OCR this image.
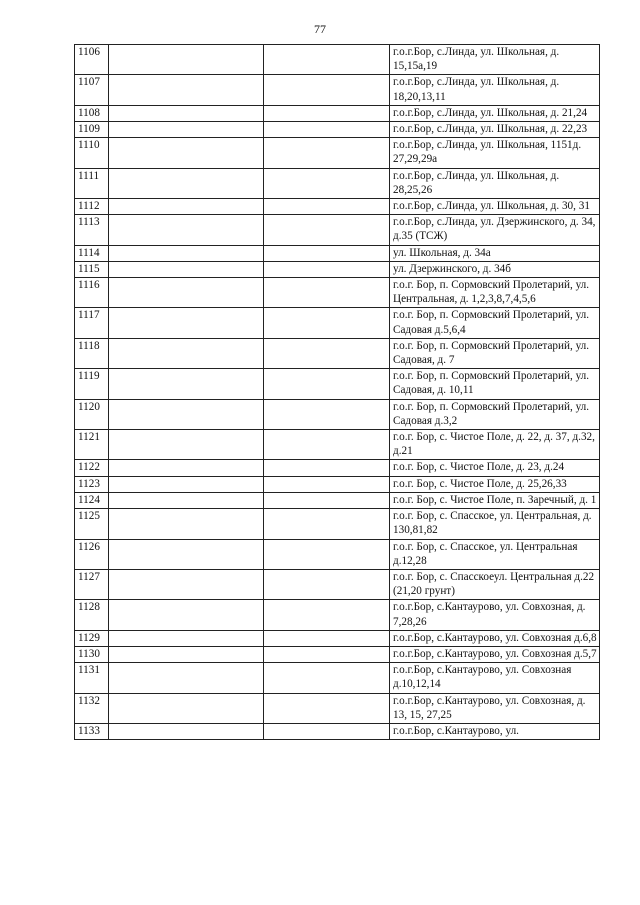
77
1106			г.о.г.Бор, с.Линда, ул. Школьная, д. 15,15а,19
1107			г.о.г.Бор, с.Линда, ул. Школьная, д. 18,20,13,11
1108			г.о.г.Бор, с.Линда, ул. Школьная, д. 21,24
1109			г.о.г.Бор, с.Линда, ул. Школьная, д. 22,23
1110			г.о.г.Бор, с.Линда, ул. Школьная, 1151д. 27,29,29а
1111			г.о.г.Бор, с.Линда, ул. Школьная, д. 28,25,26
1112			г.о.г.Бор, с.Линда, ул. Школьная, д. 30, 31
1113			г.о.г.Бор, с.Линда, ул. Дзержинского, д. 34, д.35 (ТСЖ)
1114			ул. Школьная, д. 34а
1115			ул. Дзержинского, д. 34б
1116			г.о.г. Бор, п. Сормовский Пролетарий, ул. Центральная, д. 1,2,3,8,7,4,5,6
1117			г.о.г. Бор, п. Сормовский Пролетарий, ул. Садовая д.5,6,4
1118			г.о.г. Бор, п. Сормовский Пролетарий, ул. Садовая, д. 7
1119			г.о.г. Бор, п. Сормовский Пролетарий, ул. Садовая, д. 10,11
1120			г.о.г. Бор, п. Сормовский Пролетарий, ул. Садовая д.3,2
1121			г.о.г. Бор, с. Чистое Поле, д. 22, д. 37, д.32, д.21
1122			г.о.г. Бор, с. Чистое Поле, д. 23, д.24
1123			г.о.г. Бор, с. Чистое Поле, д. 25,26,33
1124			г.о.г. Бор, с. Чистое Поле, п. Заречный, д. 1
1125			г.о.г. Бор, с. Спасское, ул. Центральная, д. 130,81,82
1126			г.о.г. Бор, с. Спасское, ул. Центральная д.12,28
1127			г.о.г. Бор, с. Спасскоеул. Центральная д.22 (21,20 грунт)
1128			г.о.г.Бор, с.Кантаурово, ул. Совхозная, д. 7,28,26
1129			г.о.г.Бор, с.Кантаурово, ул. Совхозная д.6,8
1130			г.о.г.Бор, с.Кантаурово, ул. Совхозная д.5,7
1131			г.о.г.Бор, с.Кантаурово, ул. Совхозная д.10,12,14
1132			г.о.г.Бор, с.Кантаурово, ул. Совхозная, д. 13, 15, 27,25
1133			г.о.г.Бор, с.Кантаурово, ул.
